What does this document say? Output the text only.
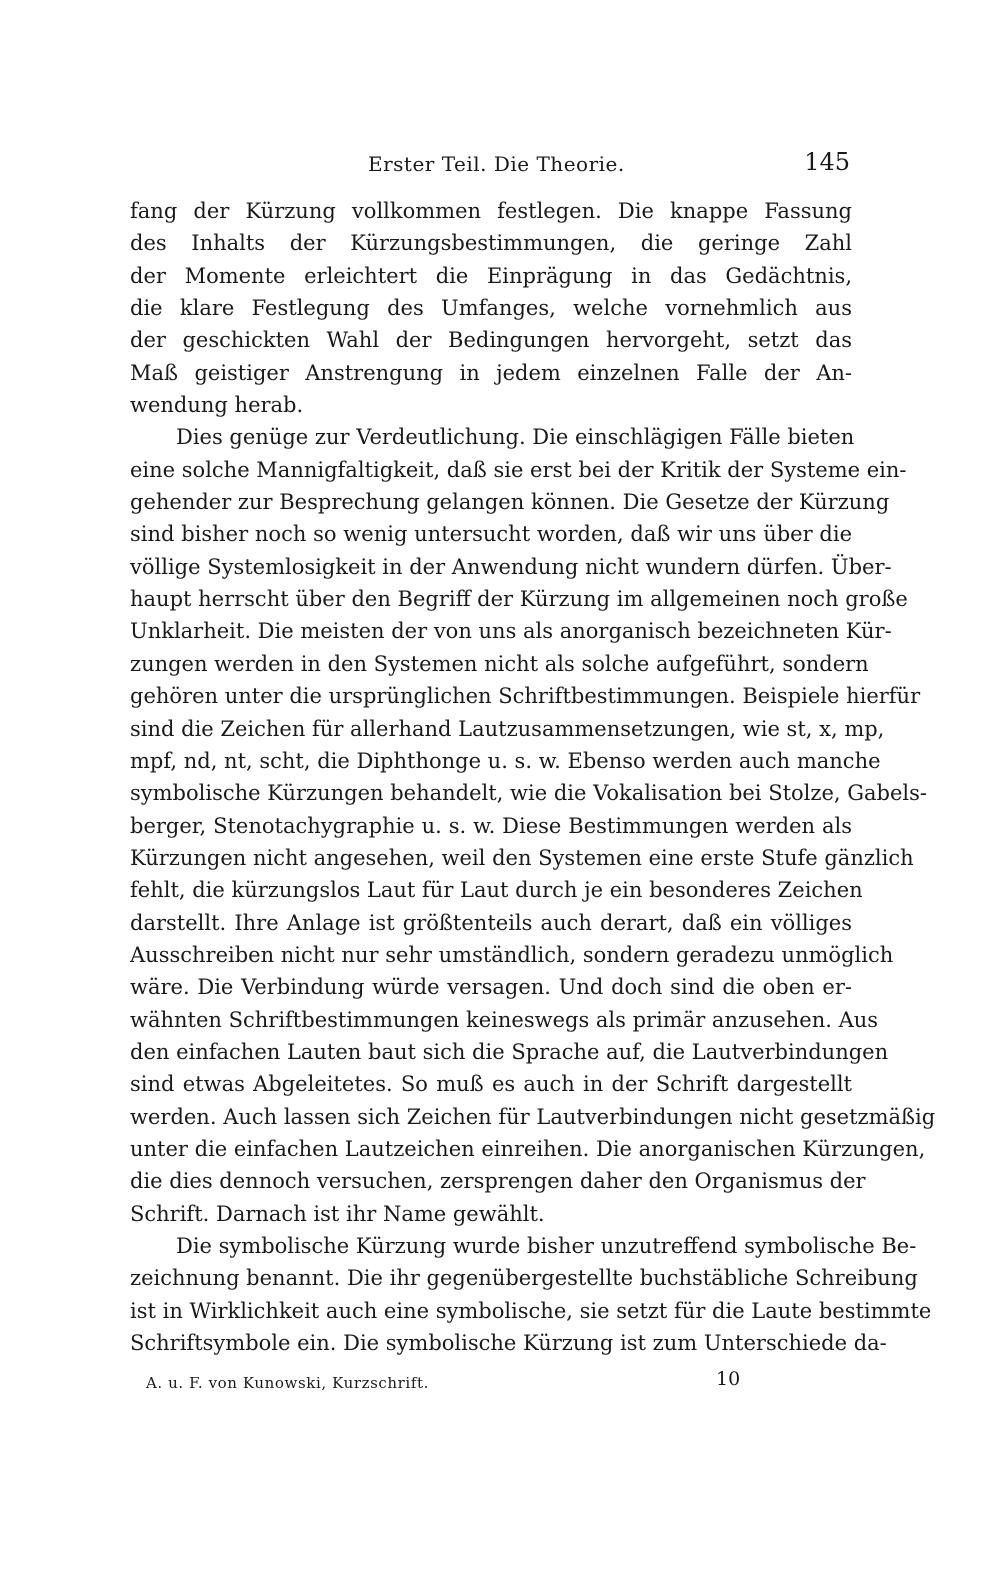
Erster Teil. Die Theorie.	145
fang der Kürzung vollkommen festlegen. Die knappe Fassung
des Inhalts der Kürzungsbestimmungen, die geringe Zahl
der Momente erleichtert die Einprägung in das Gedächtnis,
die klare Festlegung des Umfanges, welche vornehmlich aus
der geschickten Wahl der Bedingungen hervorgeht, setzt das
Maß geistiger Anstrengung in jedem einzelnen Falle der An-
wendung herab.
Dies genüge zur Verdeutlichung. Die einschlägigen Fälle bieten
eine solche Mannigfaltigkeit, daß sie erst bei der Kritik der Systeme ein-
gehender zur Besprechung gelangen können. Die Gesetze der Kürzung
sind bisher noch so wenig untersucht worden, daß wir uns über die
völlige Systemlosigkeit in der Anwendung nicht wundern dürfen. Über-
haupt herrscht über den Begriff der Kürzung im allgemeinen noch große
Unklarheit. Die meisten der von uns als anorganisch bezeichneten Kür-
zungen werden in den Systemen nicht als solche aufgeführt, sondern
gehören unter die ursprünglichen Schriftbestimmungen. Beispiele hierfür
sind die Zeichen für allerhand Lautzusammensetzungen, wie st, x, mp,
mpf, nd, nt, scht, die Diphthonge u. s. w. Ebenso werden auch manche
symbolische Kürzungen behandelt, wie die Vokalisation bei Stolze, Gabels-
berger, Stenotachygraphie u. s. w. Diese Bestimmungen werden als
Kürzungen nicht angesehen, weil den Systemen eine erste Stufe gänzlich
fehlt, die kürzungslos Laut für Laut durch je ein besonderes Zeichen
darstellt. Ihre Anlage ist größtenteils auch derart, daß ein völliges
Ausschreiben nicht nur sehr umständlich, sondern geradezu unmöglich
wäre. Die Verbindung würde versagen. Und doch sind die oben er-
wähnten Schriftbestimmungen keineswegs als primär anzusehen. Aus
den einfachen Lauten baut sich die Sprache auf, die Lautverbindungen
sind etwas Abgeleitetes. So muß es auch in der Schrift dargestellt
werden. Auch lassen sich Zeichen für Lautverbindungen nicht gesetzmäßig
unter die einfachen Lautzeichen einreihen. Die anorganischen Kürzungen,
die dies dennoch versuchen, zersprengen daher den Organismus der
Schrift. Darnach ist ihr Name gewählt.
Die symbolische Kürzung wurde bisher unzutreffend symbolische Be-
zeichnung benannt. Die ihr gegenübergestellte buchstäbliche Schreibung
ist in Wirklichkeit auch eine symbolische, sie setzt für die Laute bestimmte
Schriftsymbole ein. Die symbolische Kürzung ist zum Unterschiede da-
A. u. F. von Kunowski, Kurzschrift.	10
